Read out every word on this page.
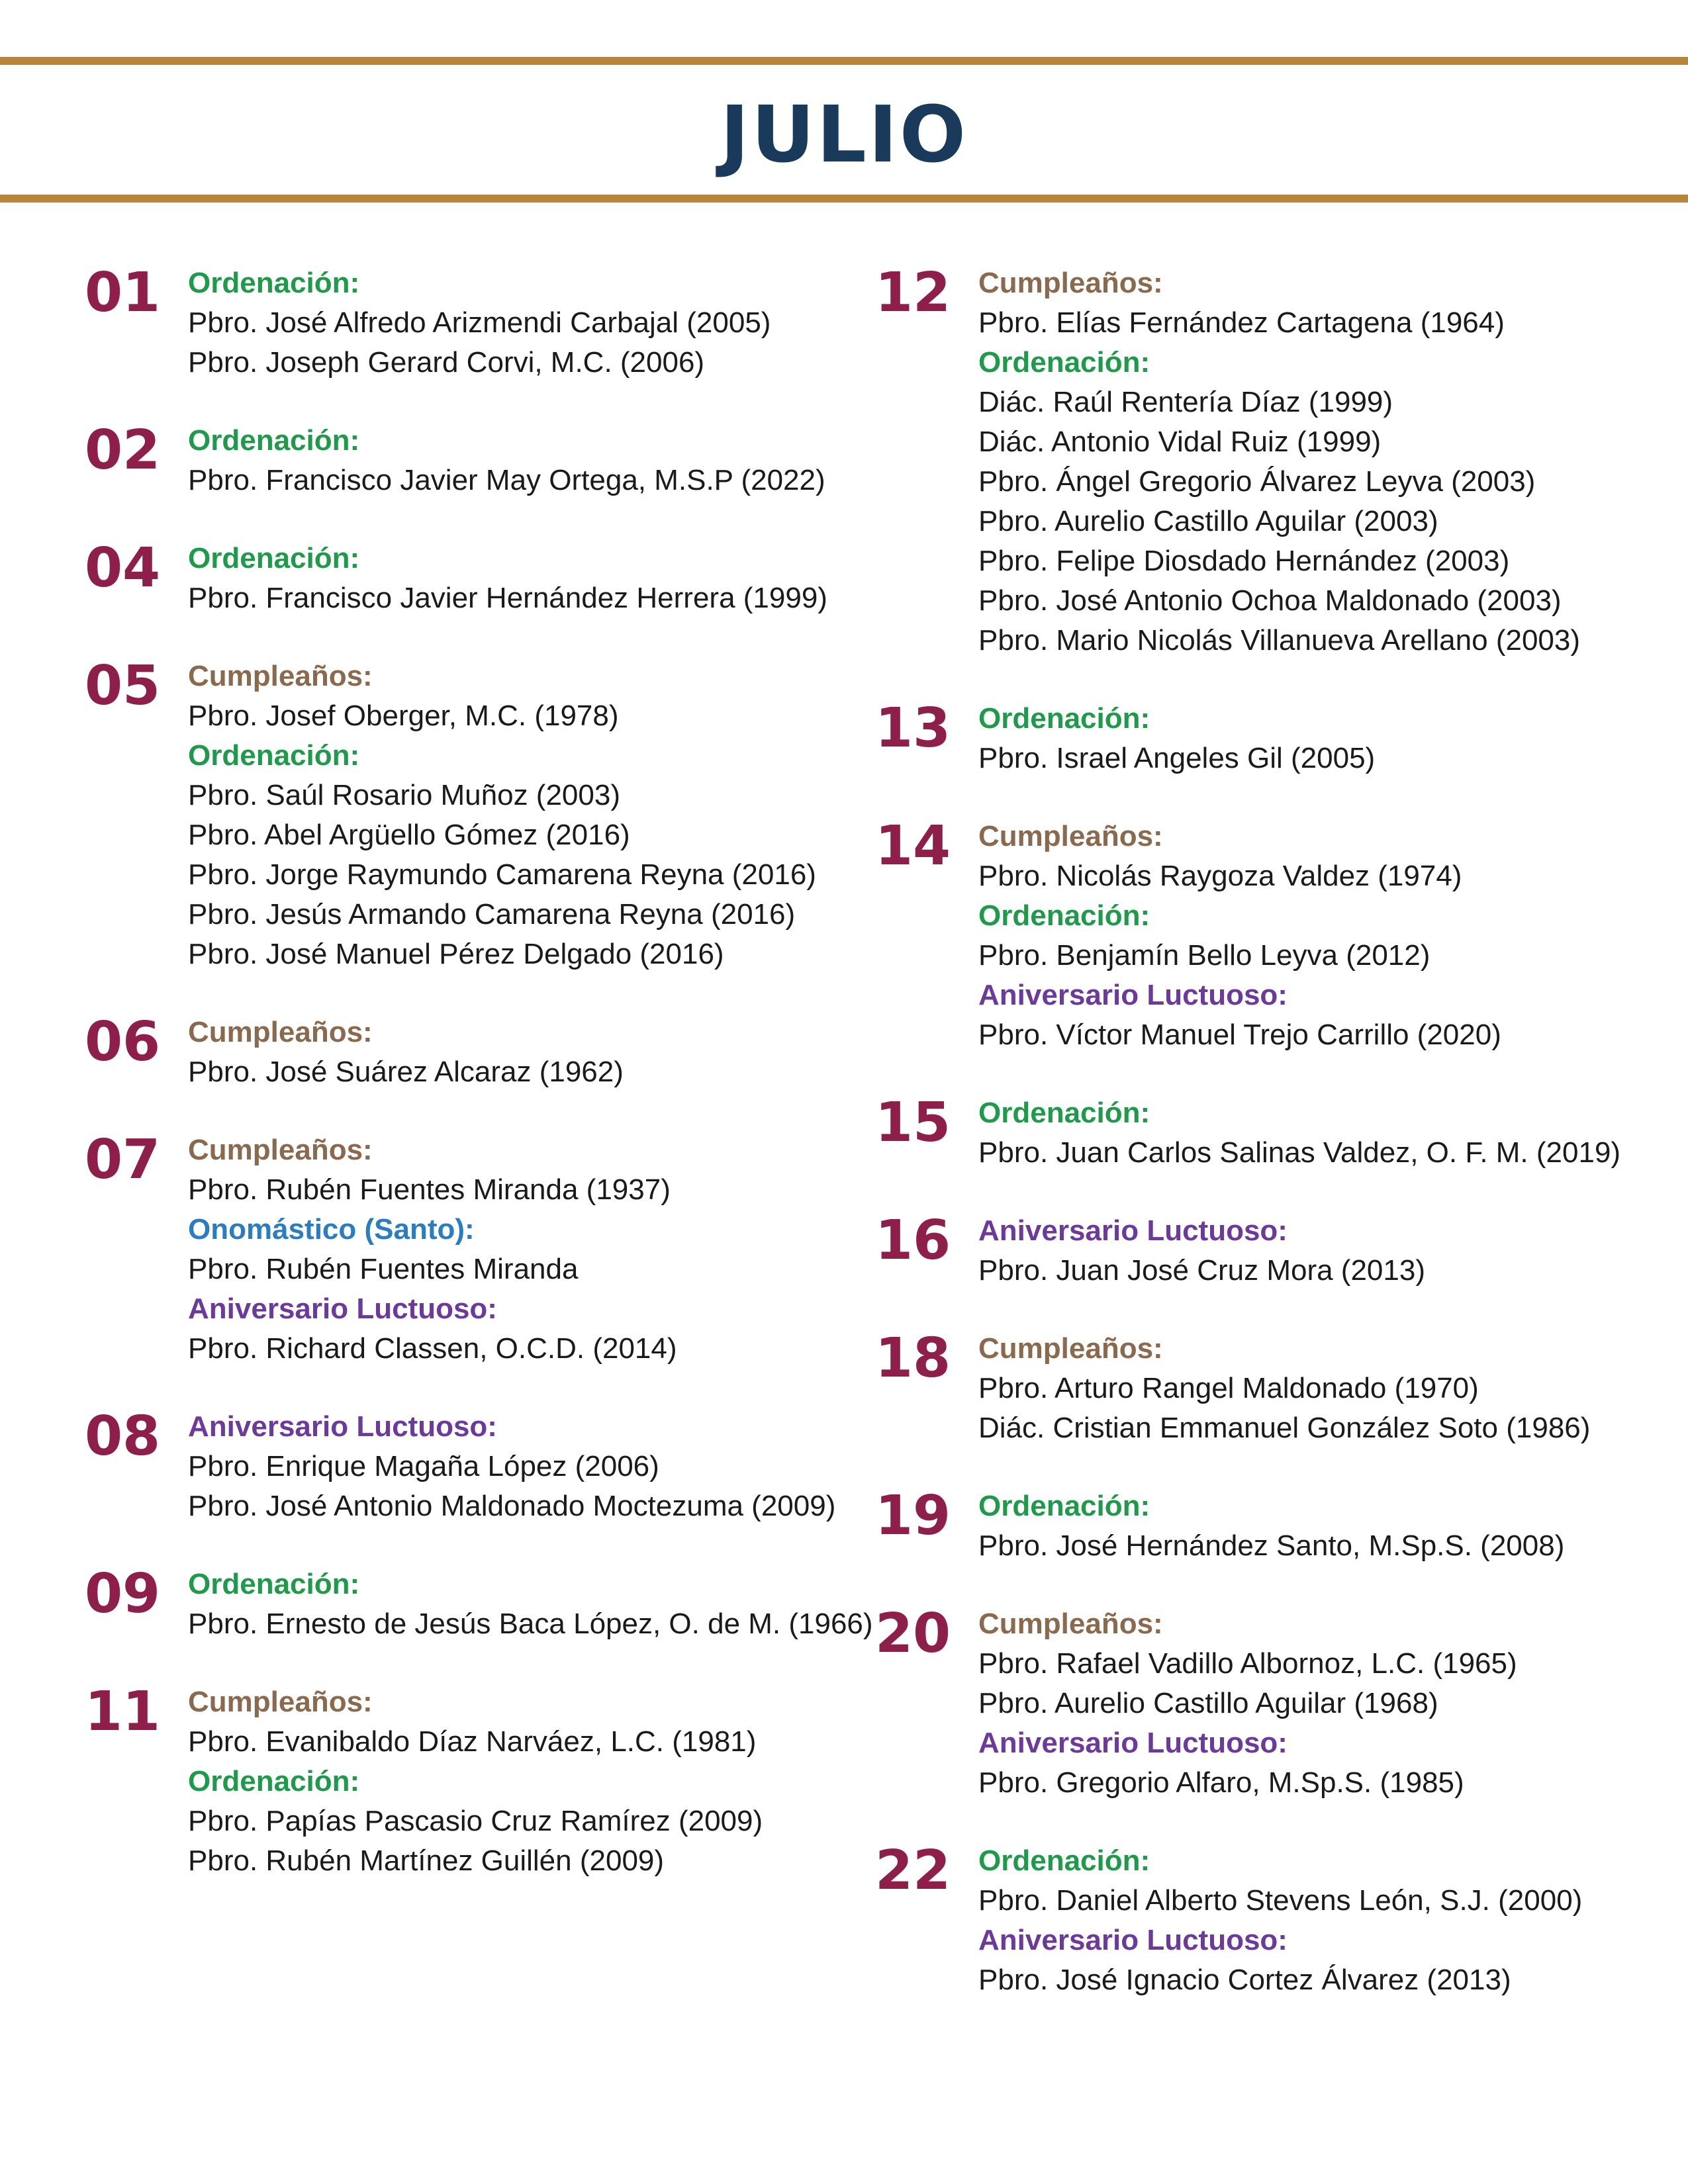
JULIO
01 Ordenación:
Pbro. José Alfredo Arizmendi Carbajal (2005)
Pbro. Joseph Gerard Corvi, M.C. (2006)
02 Ordenación:
Pbro. Francisco Javier May Ortega, M.S.P (2022)
04 Ordenación:
Pbro. Francisco Javier Hernández Herrera (1999)
05 Cumpleaños:
Pbro. Josef Oberger, M.C. (1978)
Ordenación:
Pbro. Saúl Rosario Muñoz (2003)
Pbro. Abel Argüello Gómez (2016)
Pbro. Jorge Raymundo Camarena Reyna (2016)
Pbro. Jesús Armando Camarena Reyna (2016)
Pbro. José Manuel Pérez Delgado (2016)
06 Cumpleaños:
Pbro. José Suárez Alcaraz (1962)
07 Cumpleaños:
Pbro. Rubén Fuentes Miranda (1937)
Onomástico (Santo):
Pbro. Rubén Fuentes Miranda
Aniversario Luctuoso:
Pbro. Richard Classen, O.C.D. (2014)
08 Aniversario Luctuoso:
Pbro. Enrique Magaña López (2006)
Pbro. José Antonio Maldonado Moctezuma (2009)
09 Ordenación:
Pbro. Ernesto de Jesús Baca López, O. de M. (1966)
11 Cumpleaños:
Pbro. Evanibaldo Díaz Narváez, L.C. (1981)
Ordenación:
Pbro. Papías Pascasio Cruz Ramírez (2009)
Pbro. Rubén Martínez Guillén (2009)
12 Cumpleaños:
Pbro. Elías Fernández Cartagena (1964)
Ordenación:
Diác. Raúl Rentería Díaz (1999)
Diác. Antonio Vidal Ruiz (1999)
Pbro. Ángel Gregorio Álvarez Leyva (2003)
Pbro. Aurelio Castillo Aguilar (2003)
Pbro. Felipe Diosdado Hernández (2003)
Pbro. José Antonio Ochoa Maldonado (2003)
Pbro. Mario Nicolás Villanueva Arellano (2003)
13 Ordenación:
Pbro. Israel Angeles Gil (2005)
14 Cumpleaños:
Pbro. Nicolás Raygoza Valdez (1974)
Ordenación:
Pbro. Benjamín Bello Leyva (2012)
Aniversario Luctuoso:
Pbro. Víctor Manuel Trejo Carrillo (2020)
15 Ordenación:
Pbro. Juan Carlos Salinas Valdez, O. F. M. (2019)
16 Aniversario Luctuoso:
Pbro. Juan José Cruz Mora (2013)
18 Cumpleaños:
Pbro. Arturo Rangel Maldonado (1970)
Diác. Cristian Emmanuel González Soto (1986)
19 Ordenación:
Pbro. José Hernández Santo, M.Sp.S. (2008)
20 Cumpleaños:
Pbro. Rafael Vadillo Albornoz, L.C. (1965)
Pbro. Aurelio Castillo Aguilar (1968)
Aniversario Luctuoso:
Pbro. Gregorio Alfaro, M.Sp.S. (1985)
22 Ordenación:
Pbro. Daniel Alberto Stevens León, S.J. (2000)
Aniversario Luctuoso:
Pbro. José Ignacio Cortez Álvarez (2013)
